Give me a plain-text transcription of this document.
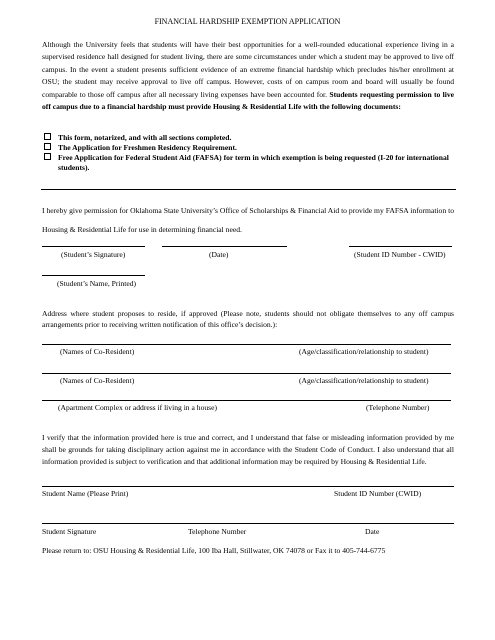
FINANCIAL HARDSHIP EXEMPTION APPLICATION
Although the University feels that students will have their best opportunities for a well-rounded educational experience living in a supervised residence hall designed for student living, there are some circumstances under which a student may be approved to live off campus. In the event a student presents sufficient evidence of an extreme financial hardship which precludes his/her enrollment at OSU; the student may receive approval to live off campus. However, costs of on campus room and board will usually be found comparable to those off campus after all necessary living expenses have been accounted for. Students requesting permission to live off campus due to a financial hardship must provide Housing & Residential Life with the following documents:
This form, notarized, and with all sections completed.
The Application for Freshmen Residency Requirement.
Free Application for Federal Student Aid (FAFSA) for term in which exemption is being requested (I-20 for international students).
I hereby give permission for Oklahoma State University’s Office of Scholarships & Financial Aid to provide my FAFSA information to Housing & Residential Life for use in determining financial need.
(Student’s Signature)	(Date)	(Student ID Number - CWID)
(Student’s Name, Printed)
Address where student proposes to reside, if approved (Please note, students should not obligate themselves to any off campus arrangements prior to receiving written notification of this office’s decision.):
(Names of Co-Resident)	(Age/classification/relationship to student)
(Names of Co-Resident)	(Age/classification/relationship to student)
(Apartment Complex or address if living in a house)	(Telephone Number)
I verify that the information provided here is true and correct, and I understand that false or misleading information provided by me shall be grounds for taking disciplinary action against me in accordance with the Student Code of Conduct. I also understand that all information provided is subject to verification and that additional information may be required by Housing & Residential Life.
Student Name (Please Print)	Student ID Number (CWID)
Student Signature	Telephone Number	Date
Please return to: OSU Housing & Residential Life, 100 Iba Hall, Stillwater, OK 74078 or Fax it to 405-744-6775
